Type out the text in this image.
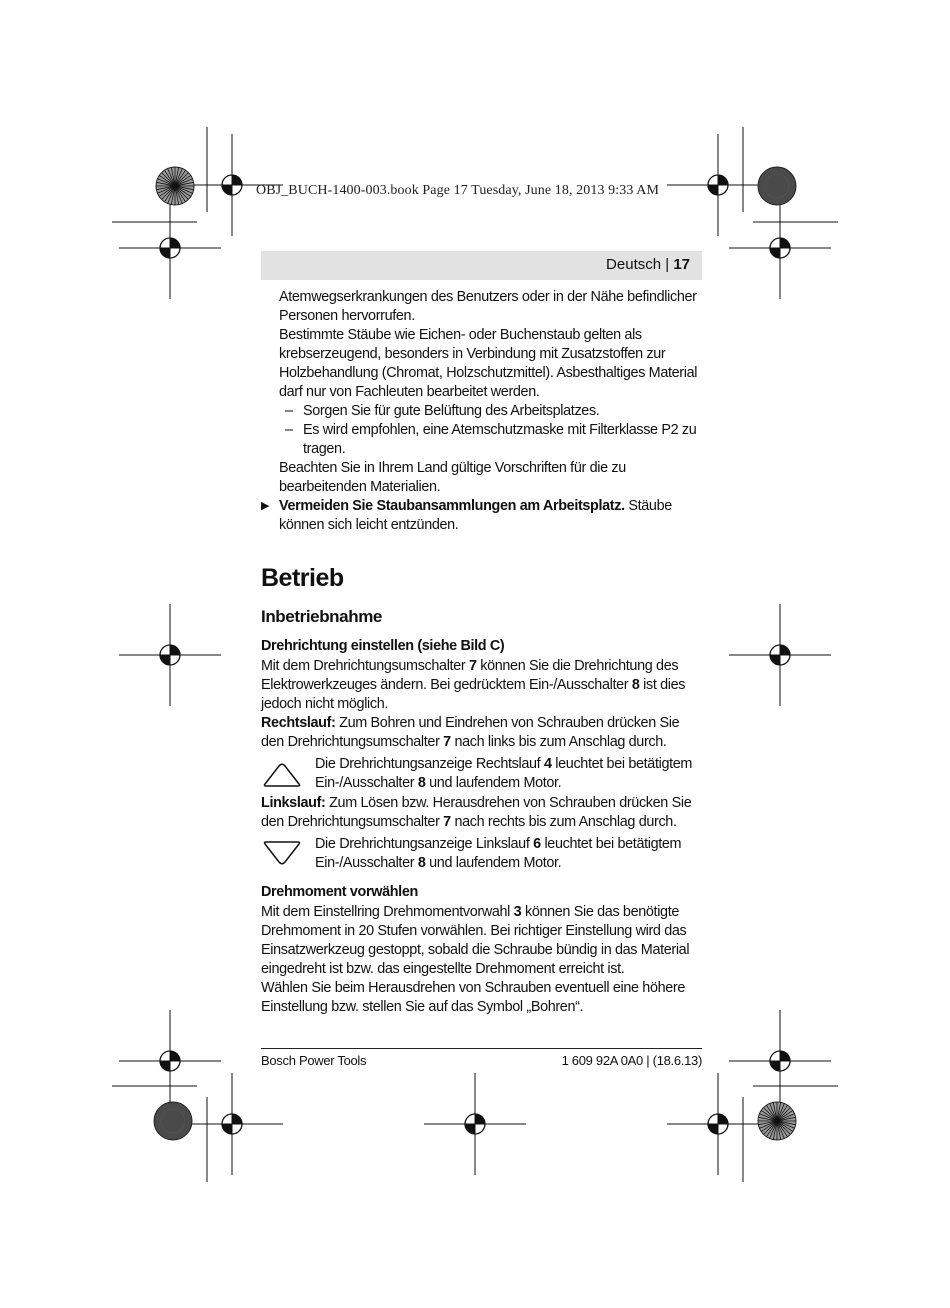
OBJ_BUCH-1400-003.book Page 17 Tuesday, June 18, 2013 9:33 AM
Deutsch | 17

Atemwegserkrankungen des Benutzers oder in der Nähe befindlicher Personen hervorrufen.

Bestimmte Stäube wie Eichen- oder Buchenstaub gelten als krebserzeugend, besonders in Verbindung mit Zusatzstoffen zur Holzbehandlung (Chromat, Holzschutzmittel). Asbesthaltiges Material darf nur von Fachleuten bearbeitet werden.

– Sorgen Sie für gute Belüftung des Arbeitsplatzes.
– Es wird empfohlen, eine Atemschutzmaske mit Filterklasse P2 zu tragen.

Beachten Sie in Ihrem Land gültige Vorschriften für die zu bearbeitenden Materialien.

▶ Vermeiden Sie Staubansammlungen am Arbeitsplatz. Stäube können sich leicht entzünden.
Betrieb
Inbetriebnahme
Drehrichtung einstellen (siehe Bild C)

Mit dem Drehrichtungsumschalter 7 können Sie die Drehrichtung des Elektrowerkzeuges ändern. Bei gedrücktem Ein-/Ausschalter 8 ist dies jedoch nicht möglich.

Rechtslauf: Zum Bohren und Eindrehen von Schrauben drücken Sie den Drehrichtungsumschalter 7 nach links bis zum Anschlag durch.

Die Drehrichtungsanzeige Rechtslauf 4 leuchtet bei betätigtem Ein-/Ausschalter 8 und laufendem Motor.

Linkslauf: Zum Lösen bzw. Herausdrehen von Schrauben drücken Sie den Drehrichtungsumschalter 7 nach rechts bis zum Anschlag durch.

Die Drehrichtungsanzeige Linkslauf 6 leuchtet bei betätigtem Ein-/Ausschalter 8 und laufendem Motor.

Drehmoment vorwählen

Mit dem Einstellring Drehmomentvorwahl 3 können Sie das benötigte Drehmoment in 20 Stufen vorwählen. Bei richtiger Einstellung wird das Einsatzwerkzeug gestoppt, sobald die Schraube bündig in das Material eingedreht ist bzw. das eingestellte Drehmoment erreicht ist.

Wählen Sie beim Herausdrehen von Schrauben eventuell eine höhere Einstellung bzw. stellen Sie auf das Symbol „Bohren“.

Bosch Power Tools	1 609 92A 0A0 | (18.6.13)
